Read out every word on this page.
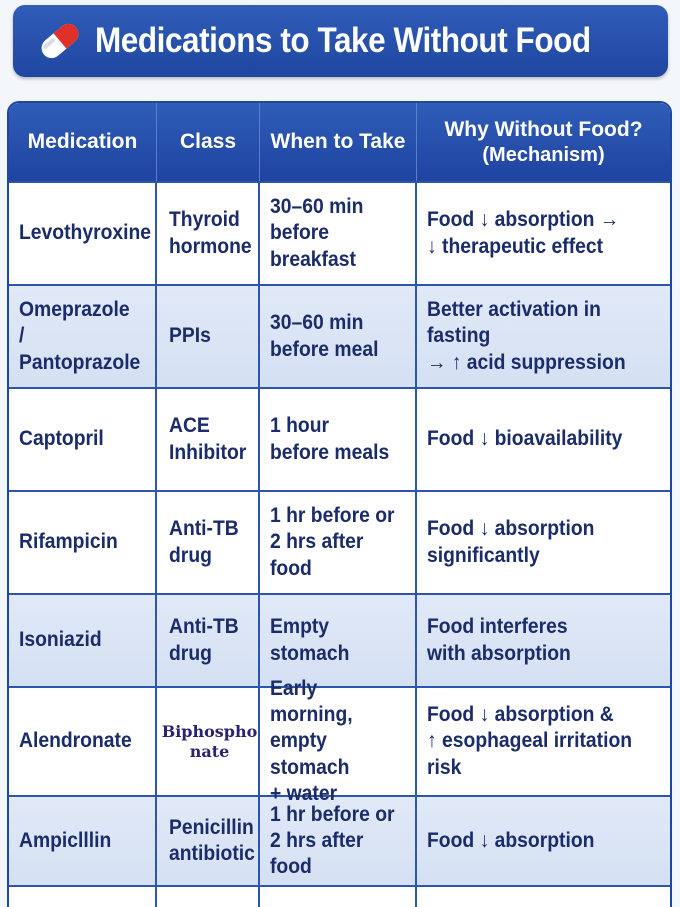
Medications to Take Without Food
Medication Class When to Take
Why Without Food?
(Mechanism)
Levothyroxine
Thyroid
hormone
30–60 min
before breakfast
Food ↓ absorption →
↓ therapeutic effect
Omeprazole /
Pantoprazole
PPIs
30–60 min
before meal
Better activation in fasting
→ ↑ acid suppression
Captopril
ACE
Inhibitor
1 hour
before meals
Food ↓ bioavailability
Rifampicin
Anti-TB
drug
1 hr before or
2 hrs after food
Food ↓ absorption
significantly
Isoniazid
Anti-TB
drug
Empty stomach
Food interferes
with absorption
Alendronate Biphospho
nate
Early morning,
empty stomach
+ water
Food ↓ absorption &
↑ esophageal irritation risk
Ampiclllin
Penicillin
antibiotic
1 hr before or
2 hrs after food
Food ↓ absorption
